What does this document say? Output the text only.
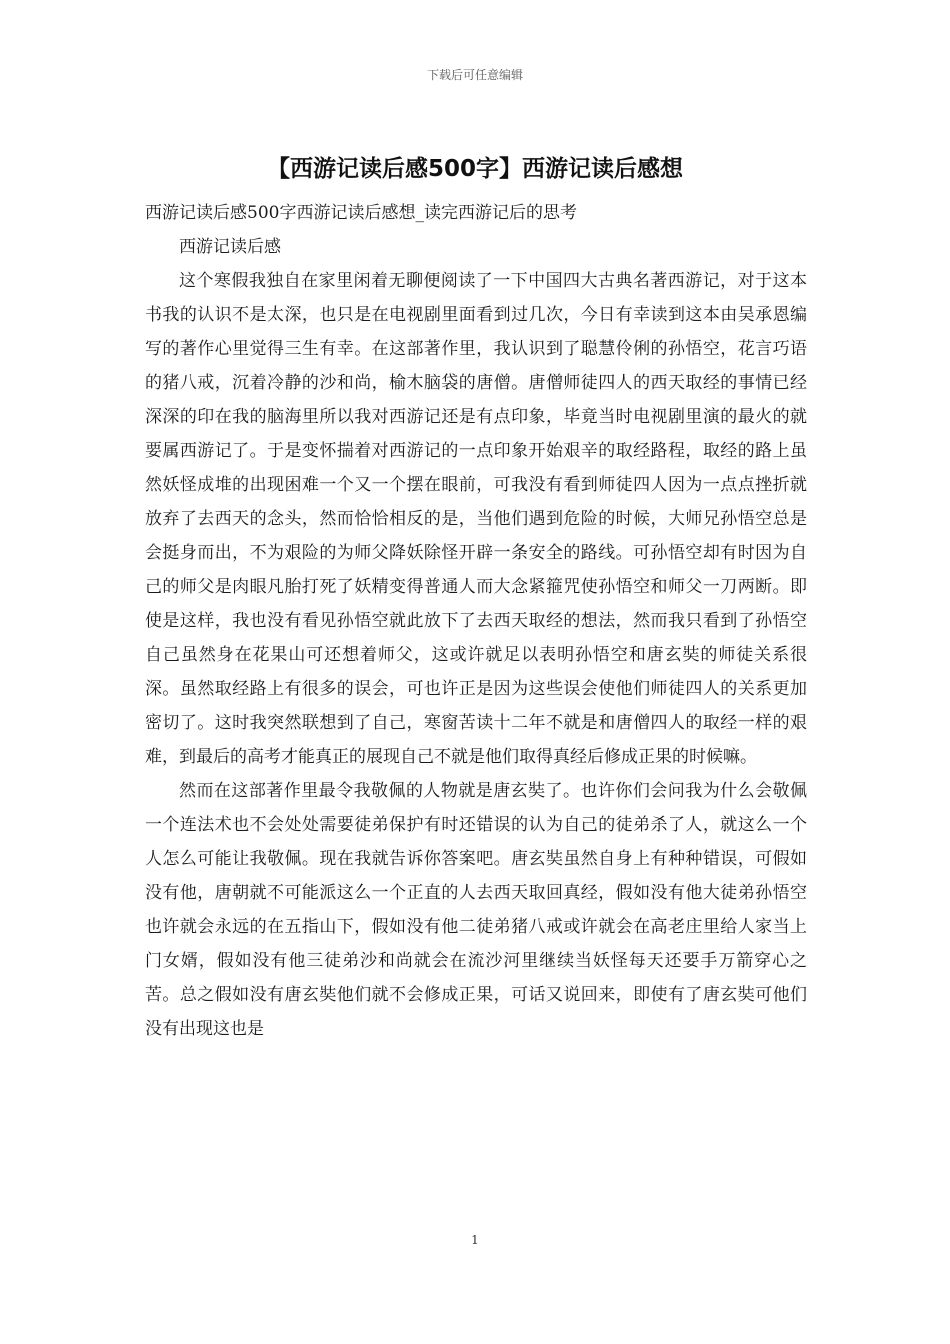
下载后可任意编辑
【西游记读后感500字】西游记读后感想

西游记读后感500字西游记读后感想_读完西游记后的思考

西游记读后感

这个寒假我独自在家里闲着无聊便阅读了一下中国四大古典名著西游记，对于这本书我的认识不是太深，也只是在电视剧里面看到过几次，今日有幸读到这本由吴承恩编写的著作心里觉得三生有幸。在这部著作里，我认识到了聪慧伶俐的孙悟空，花言巧语的猪八戒，沉着冷静的沙和尚，榆木脑袋的唐僧。唐僧师徒四人的西天取经的事情已经深深的印在我的脑海里所以我对西游记还是有点印象，毕竟当时电视剧里演的最火的就要属西游记了。于是变怀揣着对西游记的一点印象开始艰辛的取经路程，取经的路上虽然妖怪成堆的出现困难一个又一个摆在眼前，可我没有看到师徒四人因为一点点挫折就放弃了去西天的念头，然而恰恰相反的是，当他们遇到危险的时候，大师兄孙悟空总是会挺身而出，不为艰险的为师父降妖除怪开辟一条安全的路线。可孙悟空却有时因为自己的师父是肉眼凡胎打死了妖精变得普通人而大念紧箍咒使孙悟空和师父一刀两断。即使是这样，我也没有看见孙悟空就此放下了去西天取经的想法，然而我只看到了孙悟空自己虽然身在花果山可还想着师父，这或许就足以表明孙悟空和唐玄奘的师徒关系很深。虽然取经路上有很多的误会，可也许正是因为这些误会使他们师徒四人的关系更加密切了。这时我突然联想到了自己，寒窗苦读十二年不就是和唐僧四人的取经一样的艰难，到最后的高考才能真正的展现自己不就是他们取得真经后修成正果的时候嘛。

然而在这部著作里最令我敬佩的人物就是唐玄奘了。也许你们会问我为什么会敬佩一个连法术也不会处处需要徒弟保护有时还错误的认为自己的徒弟杀了人，就这么一个人怎么可能让我敬佩。现在我就告诉你答案吧。唐玄奘虽然自身上有种种错误，可假如没有他，唐朝就不可能派这么一个正直的人去西天取回真经，假如没有他大徒弟孙悟空也许就会永远的在五指山下，假如没有他二徒弟猪八戒或许就会在高老庄里给人家当上门女婿，假如没有他三徒弟沙和尚就会在流沙河里继续当妖怪每天还要手万箭穿心之苦。总之假如没有唐玄奘他们就不会修成正果，可话又说回来，即使有了唐玄奘可他们没有出现这也是

1
